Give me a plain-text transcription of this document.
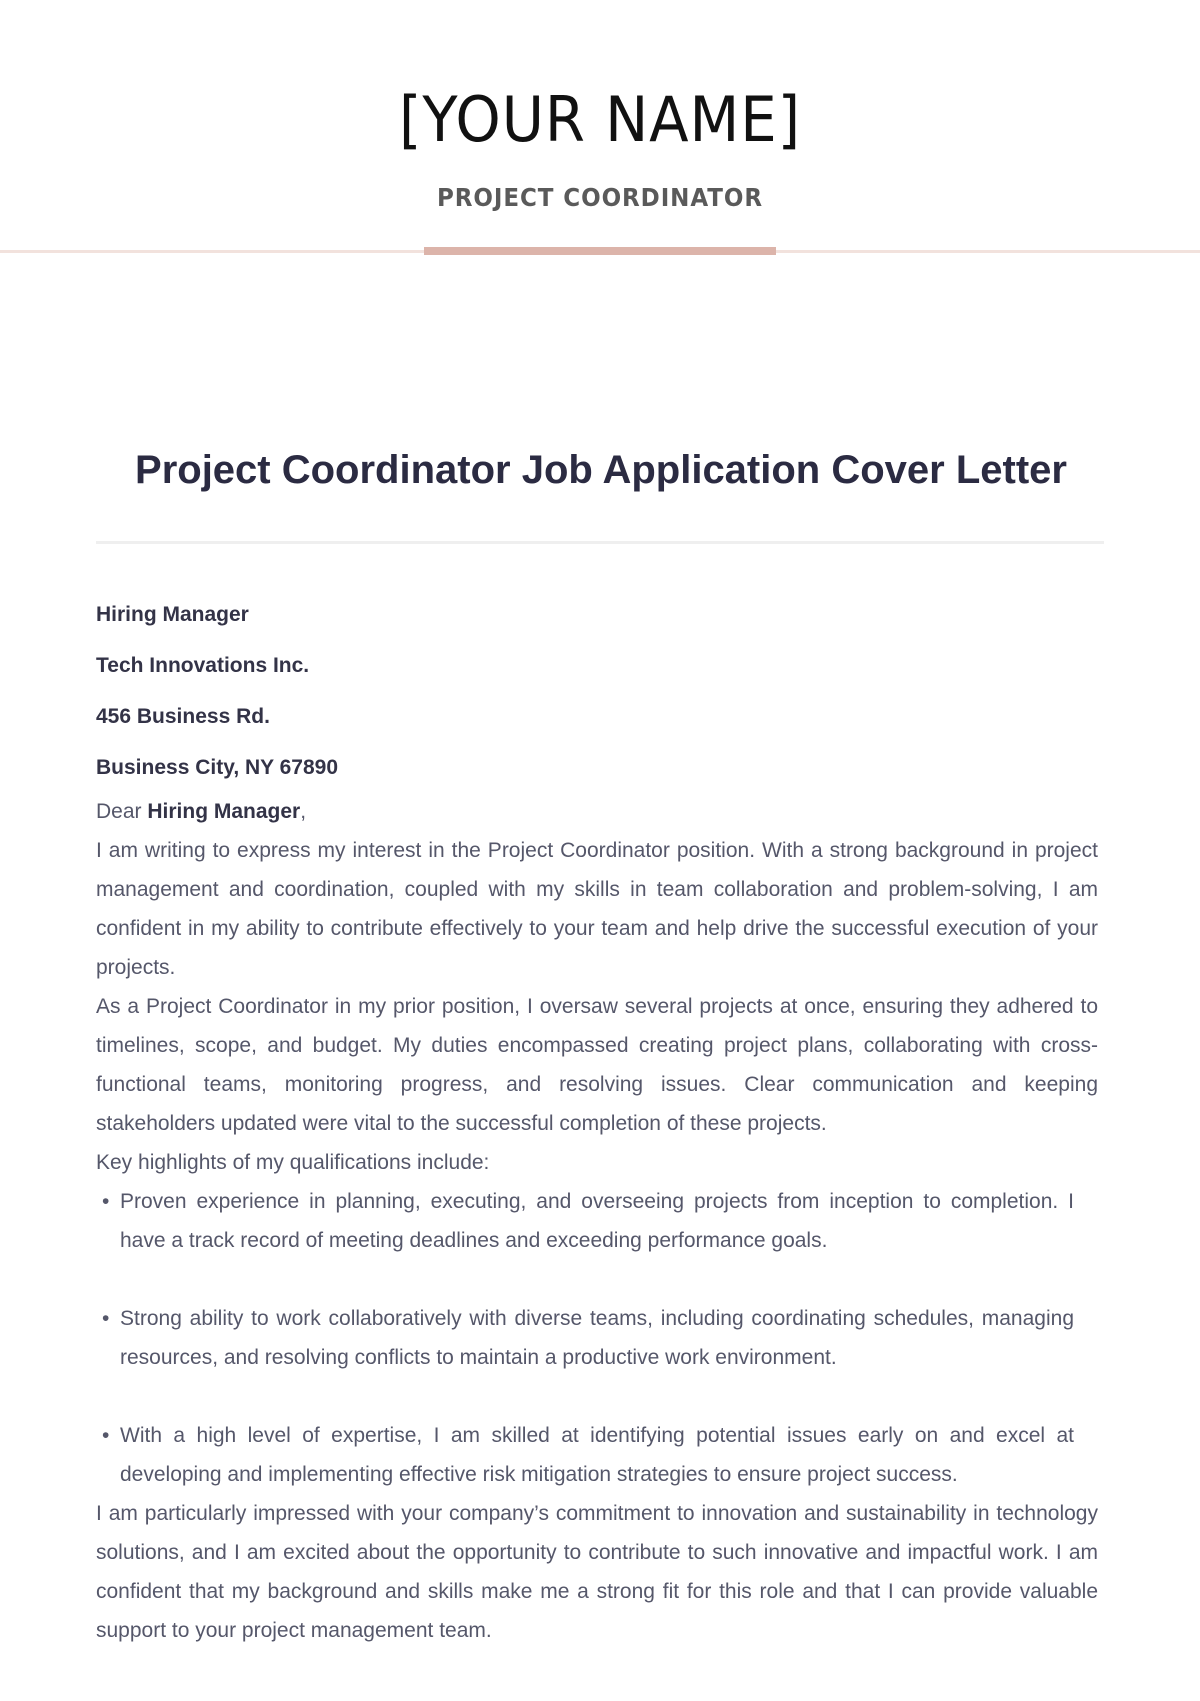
[YOUR NAME]
PROJECT COORDINATOR
Project Coordinator Job Application Cover Letter
Hiring Manager
Tech Innovations Inc.
456 Business Rd.
Business City, NY 67890

Dear Hiring Manager,

I am writing to express my interest in the Project Coordinator position. With a strong background in project management and coordination, coupled with my skills in team collaboration and problem-solving, I am confident in my ability to contribute effectively to your team and help drive the successful execution of your projects.

As a Project Coordinator in my prior position, I oversaw several projects at once, ensuring they adhered to timelines, scope, and budget. My duties encompassed creating project plans, collaborating with cross-functional teams, monitoring progress, and resolving issues. Clear communication and keeping stakeholders updated were vital to the successful completion of these projects.

Key highlights of my qualifications include:

• Proven experience in planning, executing, and overseeing projects from inception to completion. I have a track record of meeting deadlines and exceeding performance goals.
• Strong ability to work collaboratively with diverse teams, including coordinating schedules, managing resources, and resolving conflicts to maintain a productive work environment.
• With a high level of expertise, I am skilled at identifying potential issues early on and excel at developing and implementing effective risk mitigation strategies to ensure project success.

I am particularly impressed with your company’s commitment to innovation and sustainability in technology solutions, and I am excited about the opportunity to contribute to such innovative and impactful work. I am confident that my background and skills make me a strong fit for this role and that I can provide valuable support to your project management team.
